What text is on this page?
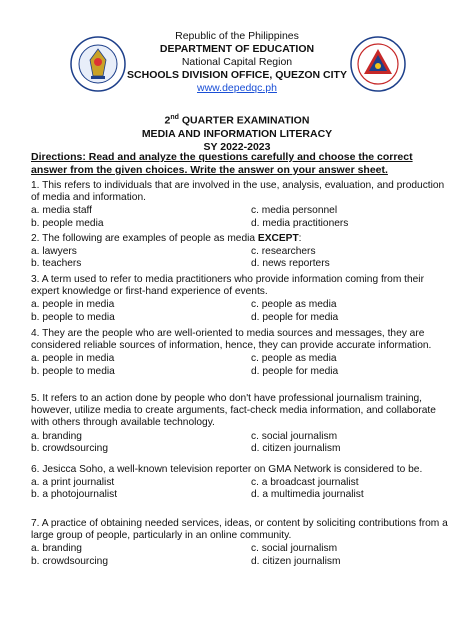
Republic of the Philippines
DEPARTMENT OF EDUCATION
National Capital Region
SCHOOLS DIVISION OFFICE, QUEZON CITY
www.depedqc.ph
2nd QUARTER EXAMINATION
MEDIA AND INFORMATION LITERACY
SY 2022-2023
Directions: Read and analyze the questions carefully and choose the correct answer from the given choices. Write the answer on your answer sheet.

1. This refers to individuals that are involved in the use, analysis, evaluation, and production of media and information.

a. media staff	c. media personnel
b. people media	d. media practitioners

2. The following are examples of people as media EXCEPT:

a. lawyers	c. researchers
b. teachers	d. news reporters

3. A term used to refer to media practitioners who provide information coming from their expert knowledge or first-hand experience of events.

a. people in media	c. people as media
b. people to media	d. people for media

4. They are the people who are well-oriented to media sources and messages, they are considered reliable sources of information, hence, they can provide accurate information.

a. people in media	c. people as media
b. people to media	d. people for media

5. It refers to an action done by people who don't have professional journalism training, however, utilize media to create arguments, fact-check media information, and collaborate with others through available technology.

a. branding	c. social journalism
b. crowdsourcing	d. citizen journalism

6. Jesicca Soho, a well-known television reporter on GMA Network is considered to be.

a. a print journalist	c. a broadcast journalist
b. a photojournalist	d. a multimedia journalist

7. A practice of obtaining needed services, ideas, or content by soliciting contributions from a large group of people, particularly in an online community.

a. branding	c. social journalism
b. crowdsourcing	d. citizen journalism
